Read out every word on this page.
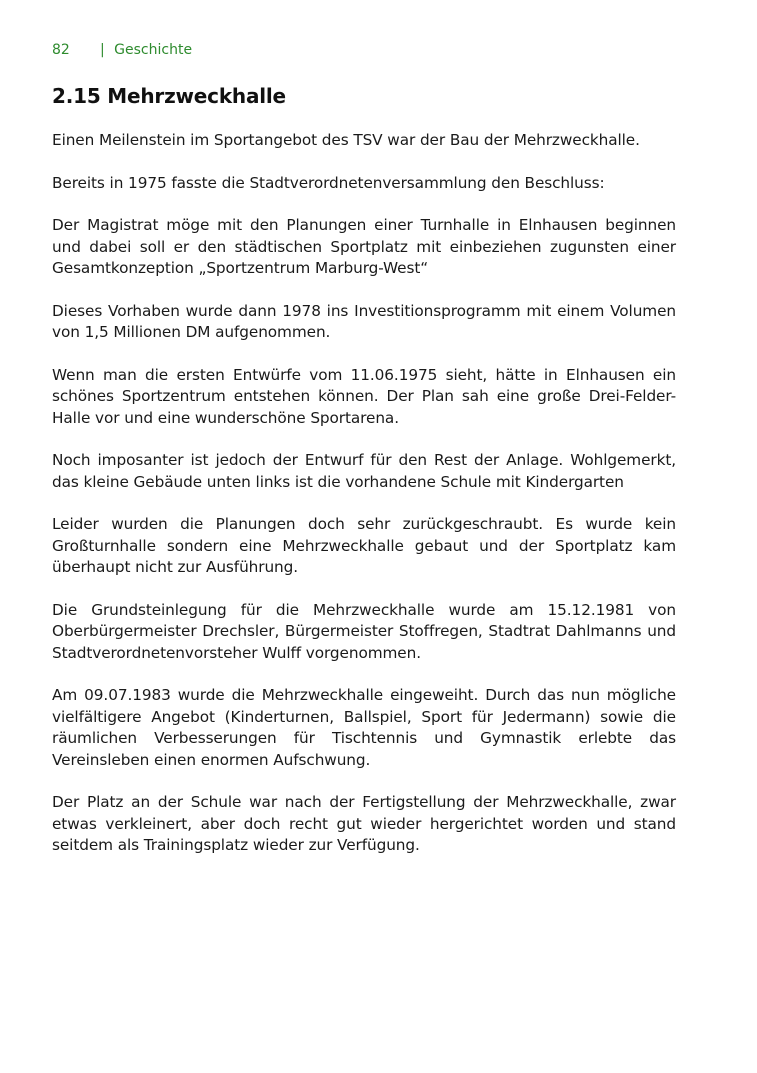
82 | Geschichte
2.15 Mehrzweckhalle

Einen Meilenstein im Sportangebot des TSV war der Bau der Mehrzweckhalle.

Bereits in 1975 fasste die Stadtverordnetenversammlung den Beschluss:

Der Magistrat möge mit den Planungen einer Turnhalle in Elnhausen beginnen und dabei soll er den städtischen Sportplatz mit einbeziehen zugunsten einer Gesamtkonzeption „Sportzentrum Marburg-West“

Dieses Vorhaben wurde dann 1978 ins Investitionsprogramm mit einem Volumen von 1,5 Millionen DM aufgenommen.

Wenn man die ersten Entwürfe vom 11.06.1975 sieht, hätte in Elnhausen ein schönes Sportzentrum entstehen können. Der Plan sah eine große Drei-Felder-Halle vor und eine wunderschöne Sportarena.

Noch imposanter ist jedoch der Entwurf für den Rest der Anlage. Wohlgemerkt, das kleine Gebäude unten links ist die vorhandene Schule mit Kindergarten

Leider wurden die Planungen doch sehr zurückgeschraubt. Es wurde kein Großturnhalle sondern eine Mehrzweckhalle gebaut und der Sportplatz kam überhaupt nicht zur Ausführung.

Die Grundsteinlegung für die Mehrzweckhalle wurde am 15.12.1981 von Oberbürgermeister Drechsler, Bürgermeister Stoffregen, Stadtrat Dahlmanns und Stadtverordnetenvorsteher Wulff vorgenommen.

Am 09.07.1983 wurde die Mehrzweckhalle eingeweiht. Durch das nun mögliche vielfältigere Angebot (Kinderturnen, Ballspiel, Sport für Jedermann) sowie die räumlichen Verbesserungen für Tischtennis und Gymnastik erlebte das Vereinsleben einen enormen Aufschwung.

Der Platz an der Schule war nach der Fertigstellung der Mehrzweckhalle, zwar etwas verkleinert, aber doch recht gut wieder hergerichtet worden und stand seitdem als Trainingsplatz wieder zur Verfügung.
